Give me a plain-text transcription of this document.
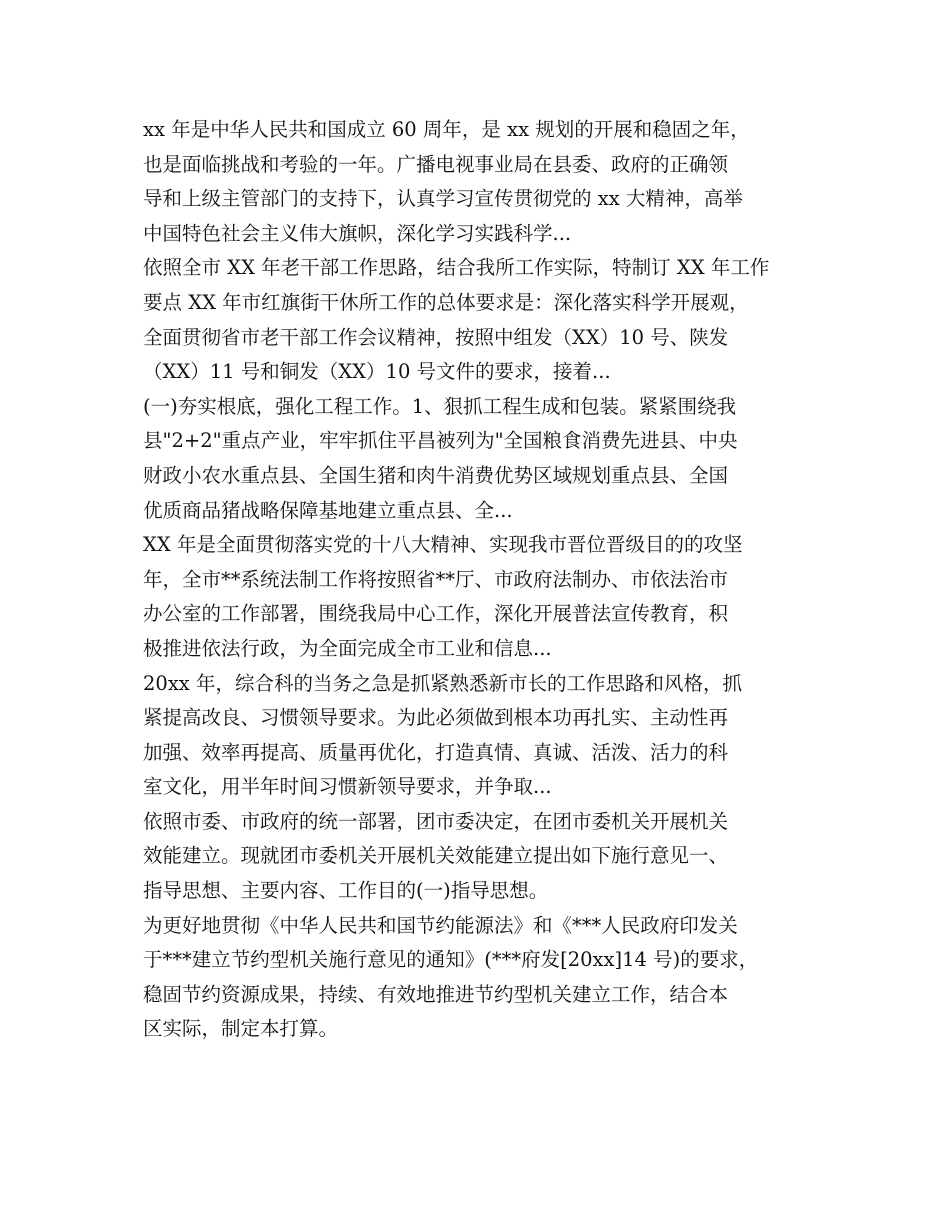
xx 年是中华人民共和国成立 60 周年，是 xx 规划的开展和稳固之年，
也是面临挑战和考验的一年。广播电视事业局在县委、政府的正确领
导和上级主管部门的支持下，认真学习宣传贯彻党的 xx 大精神，高举
中国特色社会主义伟大旗帜，深化学习实践科学...
依照全市 XX 年老干部工作思路，结合我所工作实际，特制订 XX 年工作
要点 XX 年市红旗街干休所工作的总体要求是：深化落实科学开展观，
全面贯彻省市老干部工作会议精神，按照中组发（XX）10 号、陕发
（XX）11 号和铜发（XX）10 号文件的要求，接着...
(一)夯实根底，强化工程工作。1、狠抓工程生成和包装。紧紧围绕我
县"2+2"重点产业，牢牢抓住平昌被列为"全国粮食消费先进县、中央
财政小农水重点县、全国生猪和肉牛消费优势区域规划重点县、全国
优质商品猪战略保障基地建立重点县、全...
XX 年是全面贯彻落实党的十八大精神、实现我市晋位晋级目的的攻坚
年，全市**系统法制工作将按照省**厅、市政府法制办、市依法治市
办公室的工作部署，围绕我局中心工作，深化开展普法宣传教育，积
极推进依法行政，为全面完成全市工业和信息...
20xx 年，综合科的当务之急是抓紧熟悉新市长的工作思路和风格，抓
紧提高改良、习惯领导要求。为此必须做到根本功再扎实、主动性再
加强、效率再提高、质量再优化，打造真情、真诚、活泼、活力的科
室文化，用半年时间习惯新领导要求，并争取...
依照市委、市政府的统一部署，团市委决定，在团市委机关开展机关
效能建立。现就团市委机关开展机关效能建立提出如下施行意见一、
指导思想、主要内容、工作目的(一)指导思想。
为更好地贯彻《中华人民共和国节约能源法》和《***人民政府印发关
于***建立节约型机关施行意见的通知》(***府发[20xx]14 号)的要求，
稳固节约资源成果，持续、有效地推进节约型机关建立工作，结合本
区实际，制定本打算。
